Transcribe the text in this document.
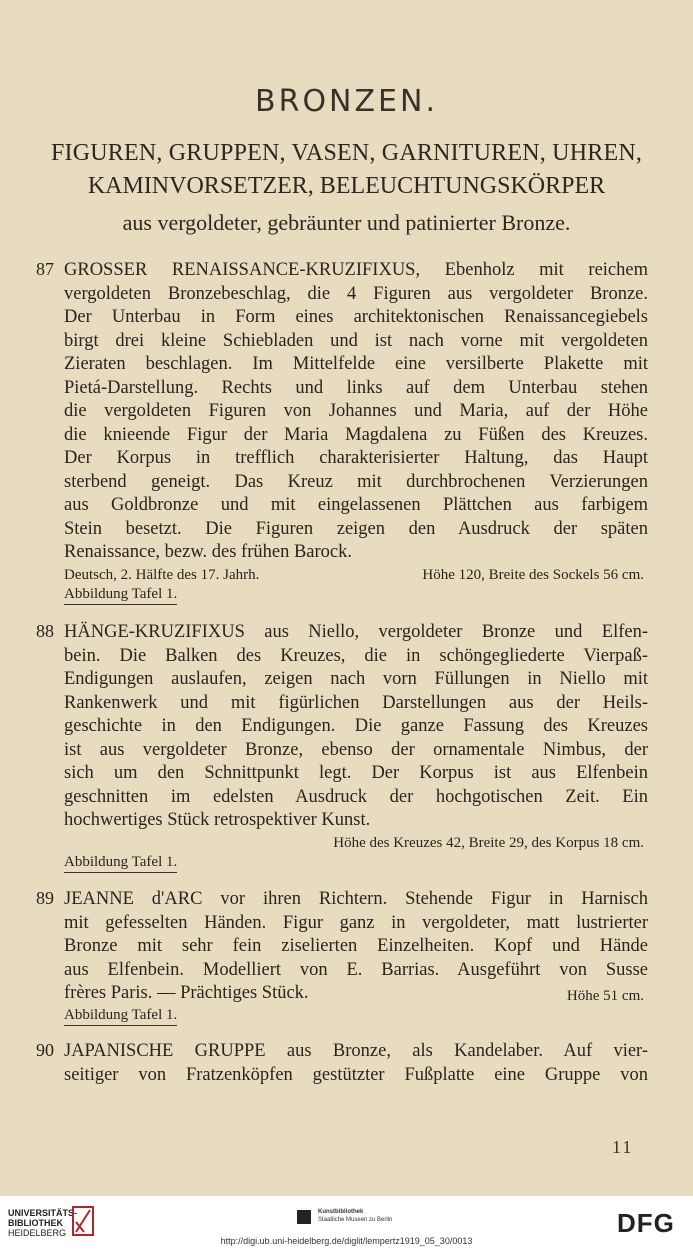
BRONZEN.
FIGUREN, GRUPPEN, VASEN, GARNITUREN, UHREN,
KAMINVORSETZER, BELEUCHTUNGSKÖRPER
aus vergoldeter, gebräunter und patinierter Bronze.
87 GROSSER RENAISSANCE-KRUZIFIXUS, Ebenholz mit reichem
vergoldeten Bronzebeschlag, die 4 Figuren aus vergoldeter Bronze.
Der Unterbau in Form eines architektonischen Renaissancegiebels
birgt drei kleine Schiebladen und ist nach vorne mit vergoldeten
Zieraten beschlagen. Im Mittelfelde eine versilberte Plakette mit
Pietá-Darstellung. Rechts und links auf dem Unterbau stehen
die vergoldeten Figuren von Johannes und Maria, auf der Höhe
die knieende Figur der Maria Magdalena zu Füßen des Kreuzes.
Der Korpus in trefflich charakterisierter Haltung, das Haupt
sterbend geneigt. Das Kreuz mit durchbrochenen Verzierungen
aus Goldbronze und mit eingelassenen Plättchen aus farbigem
Stein besetzt. Die Figuren zeigen den Ausdruck der späten
Renaissance, bezw. des frühen Barock.
Deutsch, 2. Hälfte des 17. Jahrh.	Höhe 120, Breite des Sockels 56 cm.
Abbildung Tafel 1.
88 HÄNGE-KRUZIFIXUS aus Niello, vergoldeter Bronze und Elfen-
bein. Die Balken des Kreuzes, die in schöngegliederte Vierpaß-
Endigungen auslaufen, zeigen nach vorn Füllungen in Niello mit
Rankenwerk und mit figürlichen Darstellungen aus der Heils-
geschichte in den Endigungen. Die ganze Fassung des Kreuzes
ist aus vergoldeter Bronze, ebenso der ornamentale Nimbus, der
sich um den Schnittpunkt legt. Der Korpus ist aus Elfenbein
geschnitten im edelsten Ausdruck der hochgotischen Zeit. Ein
hochwertiges Stück retrospektiver Kunst.
Höhe des Kreuzes 42, Breite 29, des Korpus 18 cm.
Abbildung Tafel 1.
89 JEANNE d'ARC vor ihren Richtern. Stehende Figur in Harnisch
mit gefesselten Händen. Figur ganz in vergoldeter, matt lustrierter
Bronze mit sehr fein ziselierten Einzelheiten. Kopf und Hände
aus Elfenbein. Modelliert von E. Barrias. Ausgeführt von Susse
frères Paris. — Prächtiges Stück.	Höhe 51 cm.
Abbildung Tafel 1.
90 JAPANISCHE GRUPPE aus Bronze, als Kandelaber. Auf vier-
seitiger von Fratzenköpfen gestützter Fußplatte eine Gruppe von
11
UNIVERSITÄTS-
BIBLIOTHEK
HEIDELBERG
Kunstbibliothek
Staatliche Museen zu Berlin	DFG
http://digi.ub.uni-heidelberg.de/diglit/lempertz1919_05_30/0013
